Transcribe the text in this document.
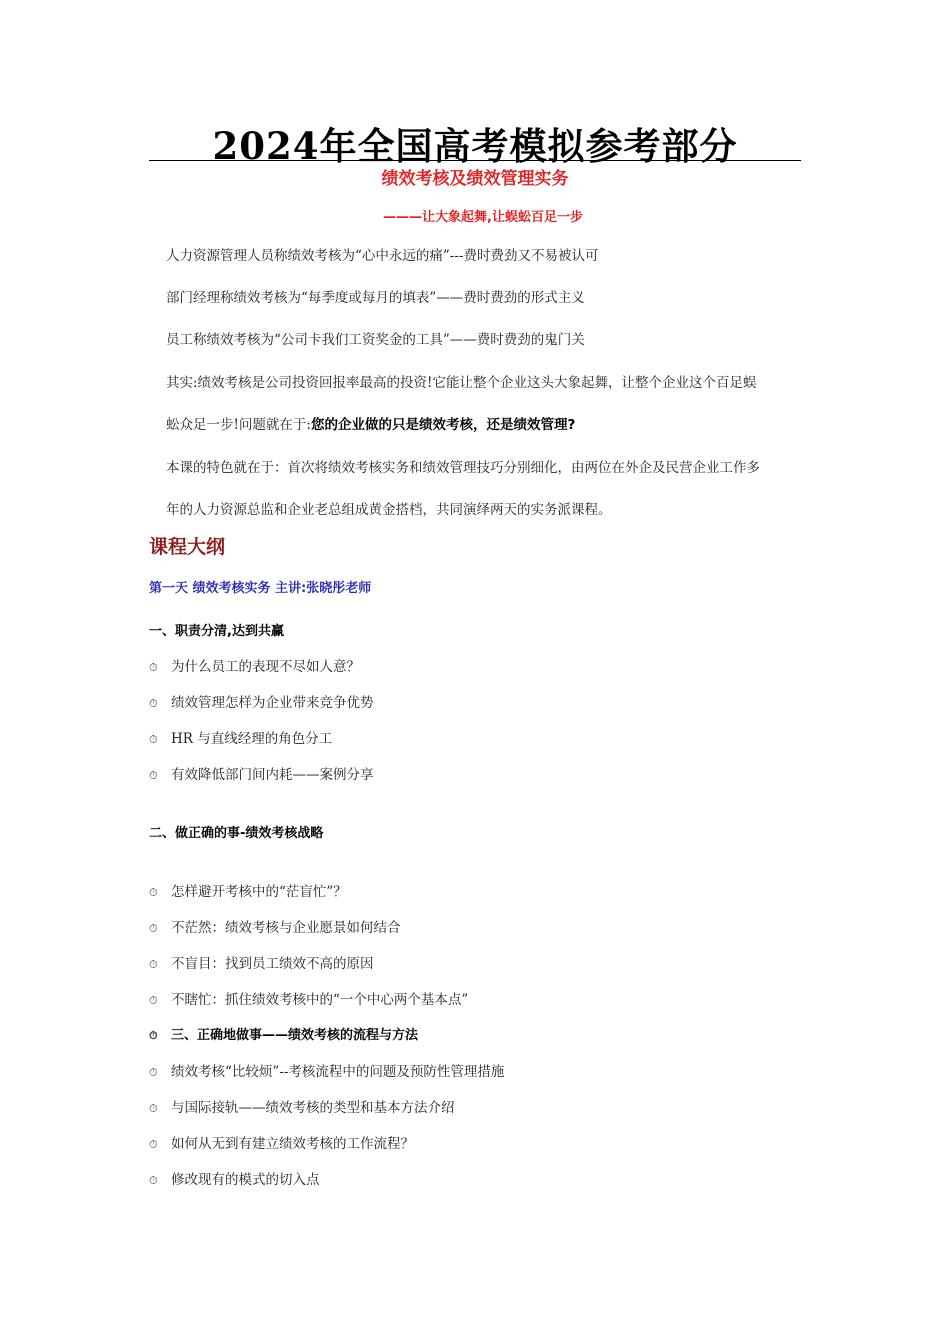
2024年全国高考模拟参考部分
绩效考核及绩效管理实务
———让大象起舞,让蜈蚣百足一步
人力资源管理人员称绩效考核为“心中永远的痛”---费时费劲又不易被认可
部门经理称绩效考核为“每季度或每月的填表”——费时费劲的形式主义
员工称绩效考核为“公司卡我们工资奖金的工具”——费时费劲的鬼门关
其实:绩效考核是公司投资回报率最高的投资!它能让整个企业这头大象起舞，让整个企业这个百足蜈
蚣众足一步!问题就在于:您的企业做的只是绩效考核，还是绩效管理?
本课的特色就在于：首次将绩效考核实务和绩效管理技巧分别细化，由两位在外企及民营企业工作多
年的人力资源总监和企业老总组成黄金搭档，共同演绎两天的实务派课程。
课程大纲
第一天 绩效考核实务 主讲:张晓彤老师
一、职责分清,达到共赢
⏱ 为什么员工的表现不尽如人意？
⏱ 绩效管理怎样为企业带来竞争优势
⏱ HR 与直线经理的角色分工
⏱ 有效降低部门间内耗——案例分享
二、做正确的事-绩效考核战略
⏱ 怎样避开考核中的“茫盲忙”？
⏱ 不茫然：绩效考核与企业愿景如何结合
⏱ 不盲目：找到员工绩效不高的原因
⏱ 不瞎忙：抓住绩效考核中的“一个中心两个基本点”
⏱ 三、正确地做事——绩效考核的流程与方法
⏱ 绩效考核“比较烦”--考核流程中的问题及预防性管理措施
⏱ 与国际接轨——绩效考核的类型和基本方法介绍
⏱ 如何从无到有建立绩效考核的工作流程？
⏱ 修改现有的模式的切入点
